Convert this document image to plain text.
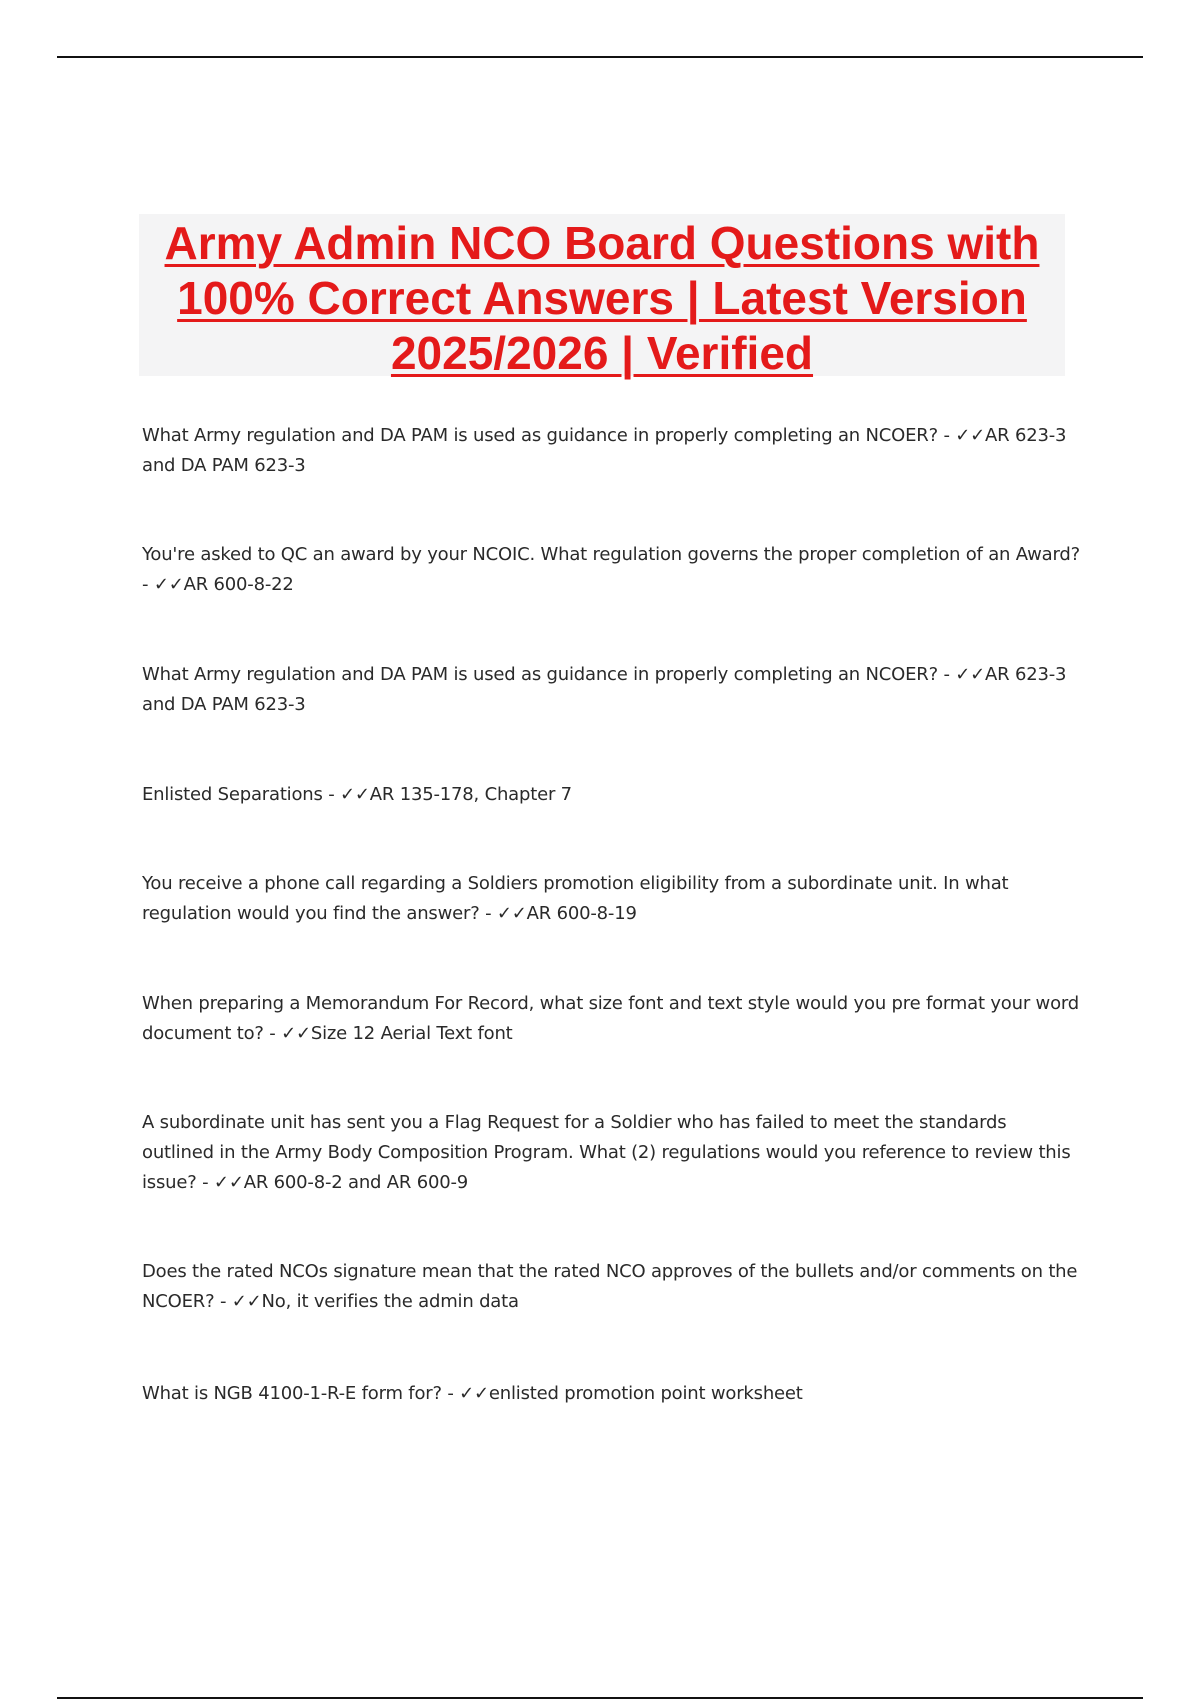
Army Admin NCO Board Questions with
100% Correct Answers | Latest Version
2025/2026 | Verified

What Army regulation and DA PAM is used as guidance in properly completing an NCOER? - ✓✓AR 623-3 and DA PAM 623-3

You're asked to QC an award by your NCOIC. What regulation governs the proper completion of an Award? - ✓✓AR 600-8-22

What Army regulation and DA PAM is used as guidance in properly completing an NCOER? - ✓✓AR 623-3 and DA PAM 623-3

Enlisted Separations - ✓✓AR 135-178, Chapter 7

You receive a phone call regarding a Soldiers promotion eligibility from a subordinate unit. In what regulation would you find the answer? - ✓✓AR 600-8-19

When preparing a Memorandum For Record, what size font and text style would you pre format your word document to? - ✓✓Size 12 Aerial Text font

A subordinate unit has sent you a Flag Request for a Soldier who has failed to meet the standards outlined in the Army Body Composition Program. What (2) regulations would you reference to review this issue? - ✓✓AR 600-8-2 and AR 600-9

Does the rated NCOs signature mean that the rated NCO approves of the bullets and/or comments on the NCOER? - ✓✓No, it verifies the admin data

What is NGB 4100-1-R-E form for? - ✓✓enlisted promotion point worksheet
